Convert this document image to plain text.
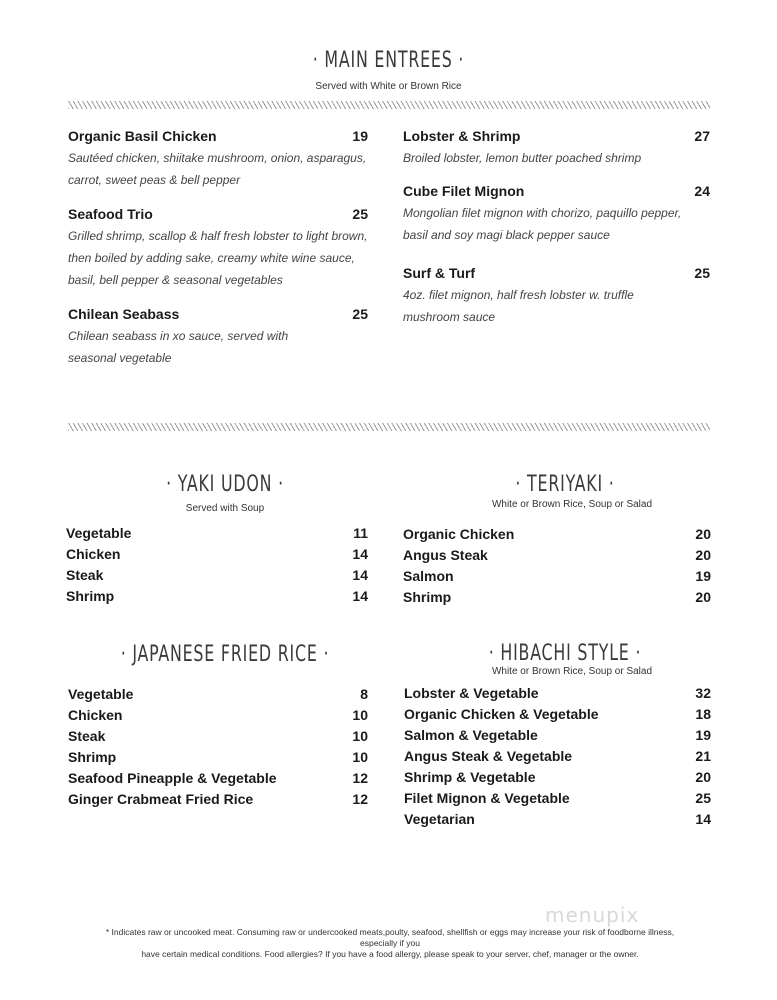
· MAIN ENTREES ·
Served with White or Brown Rice
Organic Basil Chicken	19
Sautéed chicken, shiitake mushroom, onion, asparagus,
carrot, sweet peas & bell pepper
Seafood Trio	25
Grilled shrimp, scallop & half fresh lobster to light brown,
then boiled by adding sake, creamy white wine sauce,
basil, bell pepper & seasonal vegetables
Chilean Seabass	25
Chilean seabass in xo sauce, served with
seasonal vegetable
Lobster & Shrimp	27
Broiled lobster, lemon butter poached shrimp
Cube Filet Mignon	24
Mongolian filet mignon with chorizo, paquillo pepper,
basil and soy magi black pepper sauce
Surf & Turf	25
4oz. filet mignon, half fresh lobster w. truffle
mushroom sauce
· YAKI UDON ·
Served with Soup
Vegetable	11
Chicken	14
Steak	14
Shrimp	14
· TERIYAKI ·
White or Brown Rice, Soup or Salad
Organic Chicken	20
Angus Steak	20
Salmon	19
Shrimp	20
· JAPANESE FRIED RICE ·
Vegetable	8
Chicken	10
Steak	10
Shrimp	10
Seafood Pineapple & Vegetable	12
Ginger Crabmeat Fried Rice	12
· HIBACHI STYLE ·
White or Brown Rice, Soup or Salad
Lobster & Vegetable	32
Organic Chicken & Vegetable	18
Salmon & Vegetable	19
Angus Steak & Vegetable	21
Shrimp & Vegetable	20
Filet Mignon & Vegetable	25
Vegetarian	14
menupix
* Indicates raw or uncooked meat. Consuming raw or undercooked meats,poulty, seafood, shellfish or eggs may increase your risk of foodborne illness, especially if you
have certain medical conditions. Food allergies? If you have a food allergy, please speak to your server, chef, manager or the owner.
